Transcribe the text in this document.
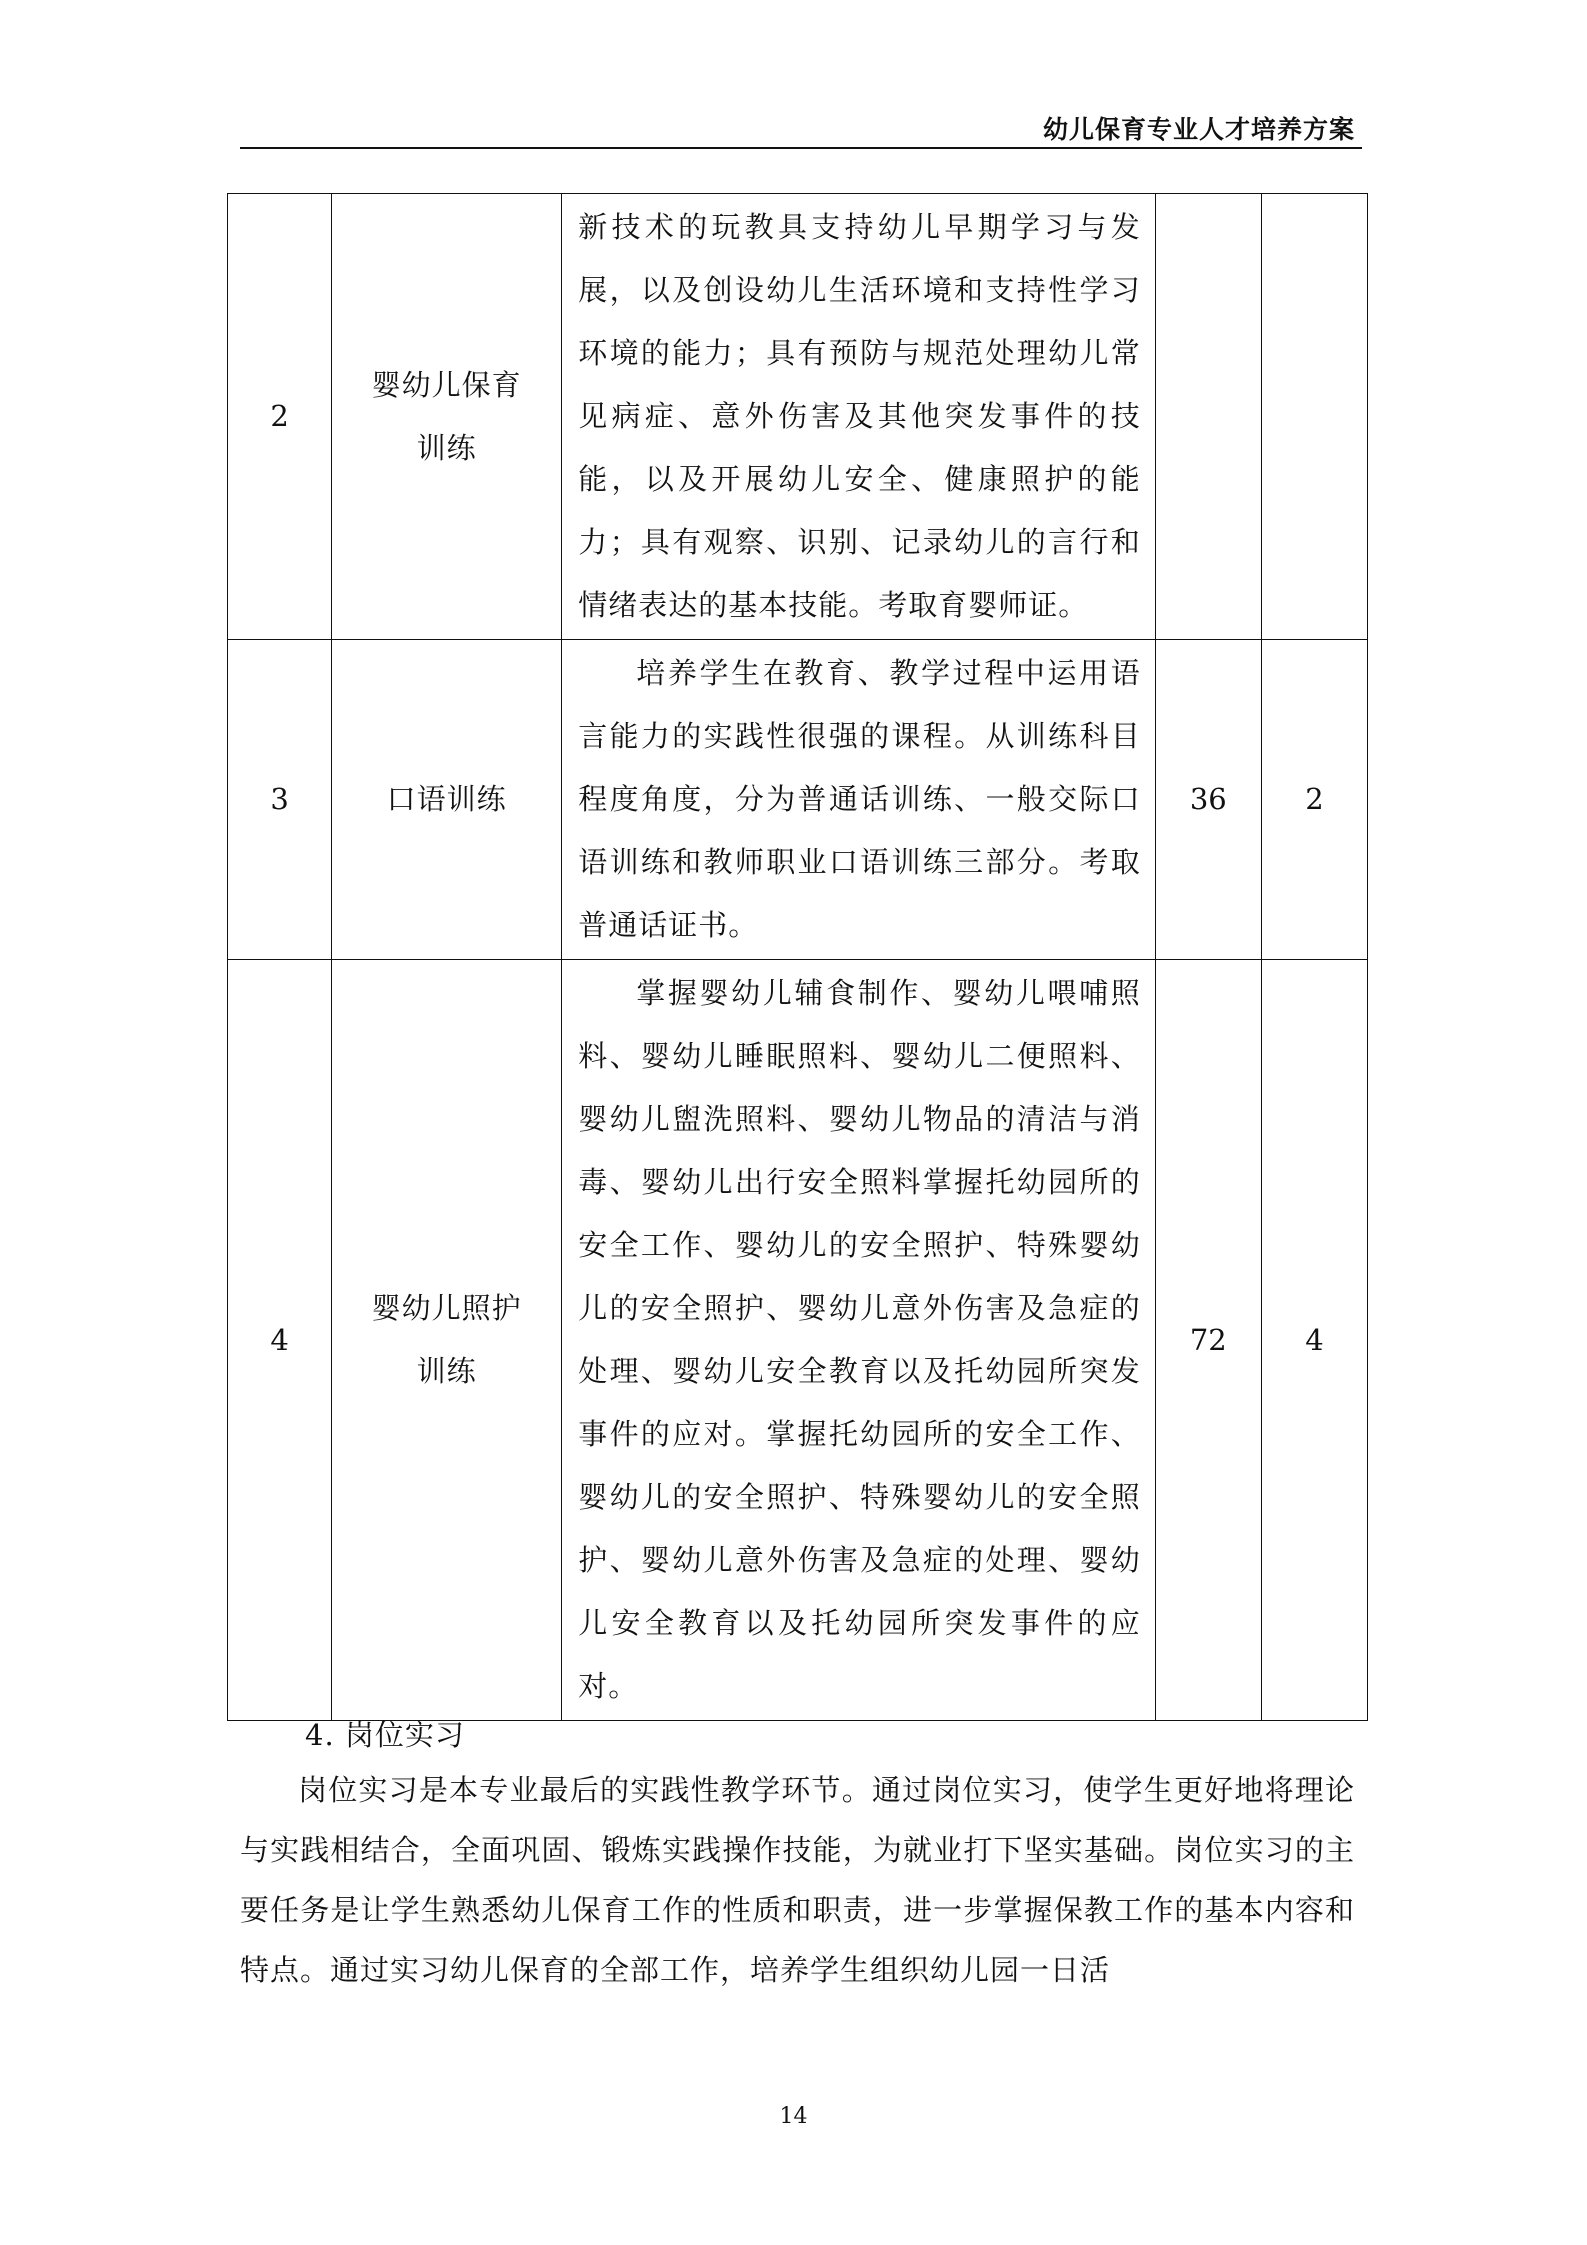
幼儿保育专业人才培养方案
2	婴幼儿保育训练	新技术的玩教具支持幼儿早期学习与发展，以及创设幼儿生活环境和支持性学习环境的能力；具有预防与规范处理幼儿常见病症、意外伤害及其他突发事件的技能，以及开展幼儿安全、健康照护的能力；具有观察、识别、记录幼儿的言行和情绪表达的基本技能。考取育婴师证。		
3	口语训练	培养学生在教育、教学过程中运用语言能力的实践性很强的课程。从训练科目程度角度，分为普通话训练、一般交际口语训练和教师职业口语训练三部分。考取普通话证书。	36	2
4	婴幼儿照护训练	掌握婴幼儿辅食制作、婴幼儿喂哺照料、婴幼儿睡眠照料、婴幼儿二便照料、婴幼儿盥洗照料、婴幼儿物品的清洁与消毒、婴幼儿出行安全照料掌握托幼园所的安全工作、婴幼儿的安全照护、特殊婴幼儿的安全照护、婴幼儿意外伤害及急症的处理、婴幼儿安全教育以及托幼园所突发事件的应对。掌握托幼园所的安全工作、婴幼儿的安全照护、特殊婴幼儿的安全照护、婴幼儿意外伤害及急症的处理、婴幼儿安全教育以及托幼园所突发事件的应对。	72	4
4. 岗位实习

岗位实习是本专业最后的实践性教学环节。通过岗位实习，使学生更好地将理论与实践相结合，全面巩固、锻炼实践操作技能，为就业打下坚实基础。岗位实习的主要任务是让学生熟悉幼儿保育工作的性质和职责，进一步掌握保教工作的基本内容和特点。通过实习幼儿保育的全部工作，培养学生组织幼儿园一日活

14
